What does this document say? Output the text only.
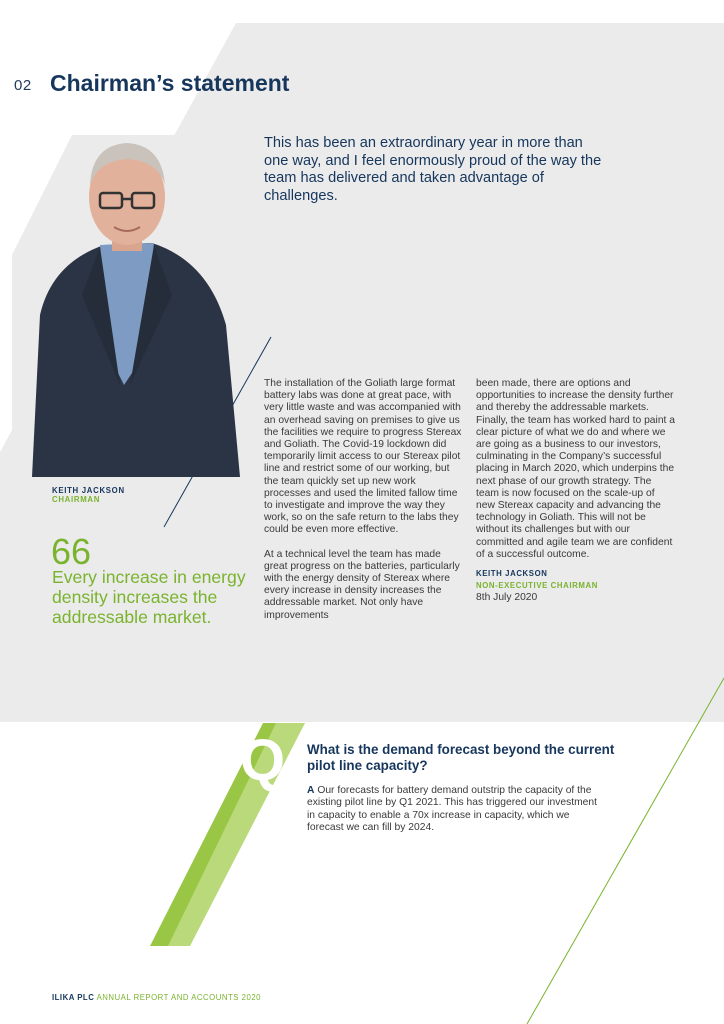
02 Chairman’s statement
This has been an extraordinary year in more than one way, and I feel enormously proud of the way the team has delivered and taken advantage of challenges.
KEITH JACKSON
CHAIRMAN
66
Every increase in energy density increases the addressable market.

The installation of the Goliath large format battery labs was done at great pace, with very little waste and was accompanied with an overhead saving on premises to give us the facilities we require to progress Stereax and Goliath. The Covid-19 lockdown did temporarily limit access to our Stereax pilot line and restrict some of our working, but the team quickly set up new work processes and used the limited fallow time to investigate and improve the way they work, so on the safe return to the labs they could be even more effective.

At a technical level the team has made great progress on the batteries, particularly with the energy density of Stereax where every increase in density increases the addressable market. Not only have improvements

been made, there are options and opportunities to increase the density further and thereby the addressable markets. Finally, the team has worked hard to paint a clear picture of what we do and where we are going as a business to our investors, culminating in the Company’s successful placing in March 2020, which underpins the next phase of our growth strategy. The team is now focused on the scale-up of new Stereax capacity and advancing the technology in Goliath. This will not be without its challenges but with our committed and agile team we are confident of a successful outcome.

KEITH JACKSON
NON-EXECUTIVE CHAIRMAN
8th July 2020
Q What is the demand forecast beyond the current pilot line capacity?
A Our forecasts for battery demand outstrip the capacity of the existing pilot line by Q1 2021. This has triggered our investment in capacity to enable a 70x increase in capacity, which we forecast we can fill by 2024.
ILIKA PLC ANNUAL REPORT AND ACCOUNTS 2020
